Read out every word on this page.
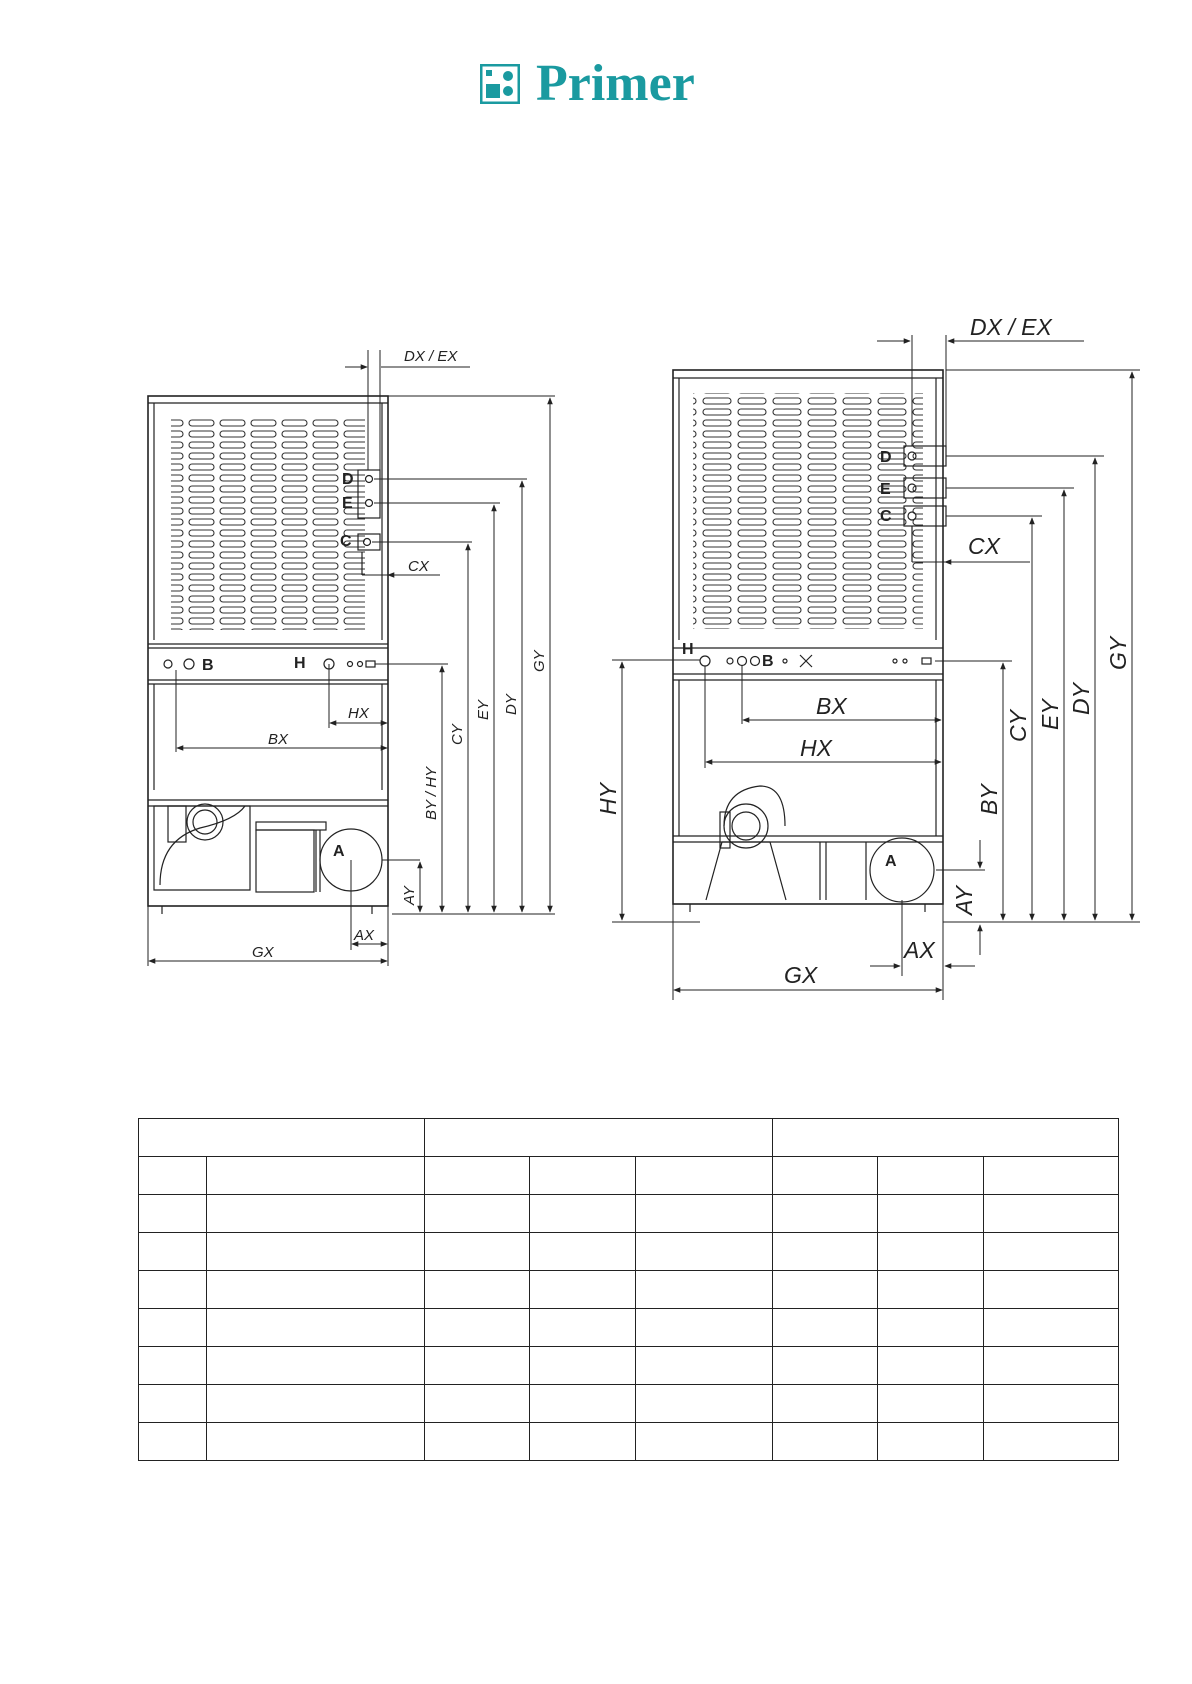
Primer
D
E
C
B	H
A
DX / EX
CX
HX
BX
GX
AX
AY
BY / HY
CY
EY DY
GY
D
E
C
H
B
A
DX / EX
CX
BX
HX
GX
AX
HY	BY
AY
CY EY DY
GY
